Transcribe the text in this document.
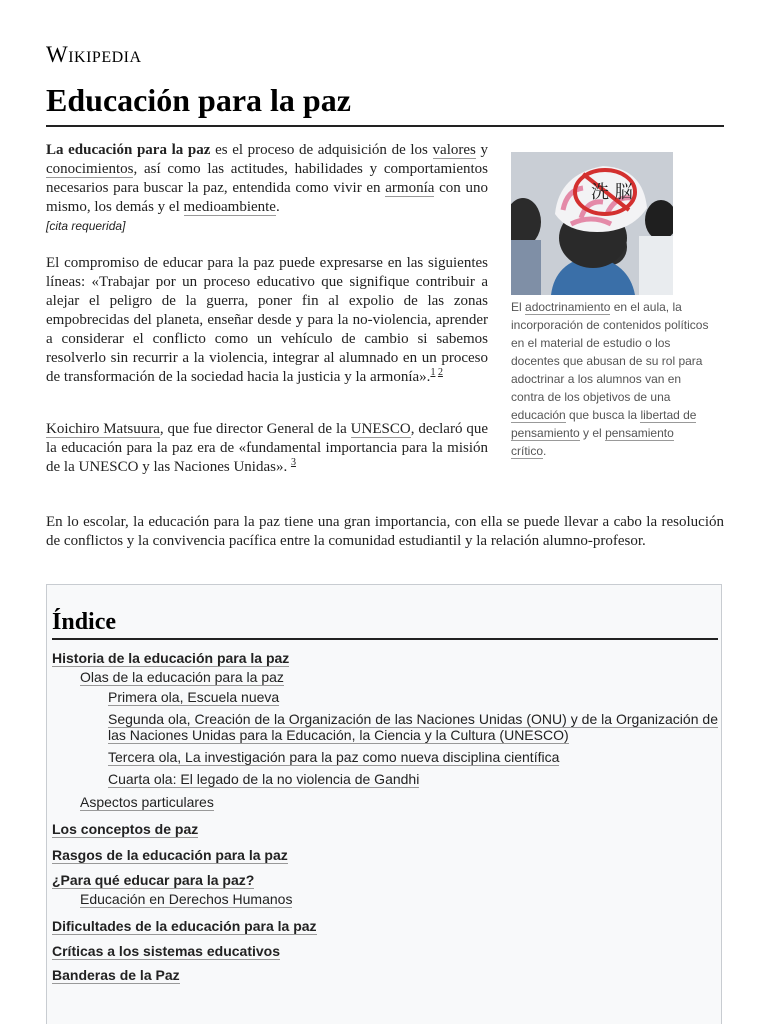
Wikipedia
Educación para la paz
La educación para la paz es el proceso de adquisición de los valores y conocimientos, así como las actitudes, habilidades y comportamientos necesarios para buscar la paz, entendida como vivir en armonía con uno mismo, los demás y el medioambiente.
[cita requerida]
El compromiso de educar para la paz puede expresarse en las siguientes líneas: «Trabajar por un proceso educativo que signifique contribuir a alejar el peligro de la guerra, poner fin al expolio de las zonas empobrecidas del planeta, enseñar desde y para la no-violencia, aprender a considerar el conflicto como un vehículo de cambio si sabemos resolverlo sin recurrir a la violencia, integrar al alumnado en un proceso de transformación de la sociedad hacia la justicia y la armonía».$^1$ $^2$
Koichiro Matsuura, que fue director General de la UNESCO, declaró que la educación para la paz era de «fundamental importancia para la misión de la UNESCO y las Naciones Unidas». $^3$
En lo escolar, la educación para la paz tiene una gran importancia, con ella se puede llevar a cabo la resolución de conflictos y la convivencia pacífica entre la comunidad estudiantil y la relación alumno-profesor.
洗 脳
El adoctrinamiento en el aula, la incorporación de contenidos políticos en el material de estudio o los docentes que abusan de su rol para adoctrinar a los alumnos van en contra de los objetivos de una educación que busca la libertad de pensamiento y el pensamiento crítico.
Índice
Historia de la educación para la paz
Olas de la educación para la paz
Primera ola, Escuela nueva
Segunda ola, Creación de la Organización de las Naciones Unidas (ONU) y de la Organización de las Naciones Unidas para la Educación, la Ciencia y la Cultura (UNESCO)
Tercera ola, La investigación para la paz como nueva disciplina científica
Cuarta ola: El legado de la no violencia de Gandhi
Aspectos particulares
Los conceptos de paz
Rasgos de la educación para la paz
¿Para qué educar para la paz?
Educación en Derechos Humanos
Dificultades de la educación para la paz
Críticas a los sistemas educativos
Banderas de la Paz
